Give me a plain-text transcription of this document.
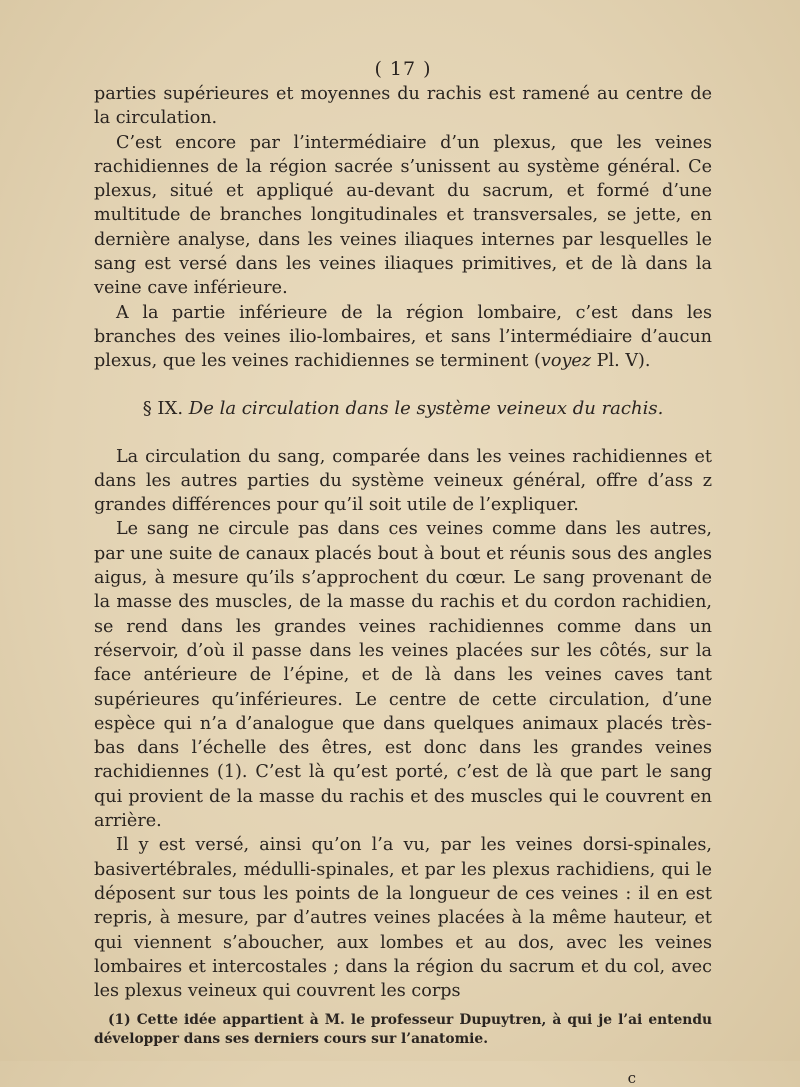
( 17 )

parties supérieures et moyennes du rachis est ramené au centre de la circulation.

C’est encore par l’intermédiaire d’un plexus, que les veines rachidiennes de la région sacrée s’unissent au système général. Ce plexus, situé et appliqué au-devant du sacrum, et formé d’une multitude de branches longitudinales et transversales, se jette, en dernière analyse, dans les veines iliaques internes par lesquelles le sang est versé dans les veines iliaques primitives, et de là dans la veine cave inférieure.

A la partie inférieure de la région lombaire, c’est dans les branches des veines ilio-lombaires, et sans l’intermédiaire d’aucun plexus, que les veines rachidiennes se terminent (voyez Pl. V).

§ IX. De la circulation dans le système veineux du rachis.

La circulation du sang, comparée dans les veines rachidiennes et dans les autres parties du système veineux général, offre d’ass z grandes différences pour qu’il soit utile de l’expliquer.

Le sang ne circule pas dans ces veines comme dans les autres, par une suite de canaux placés bout à bout et réunis sous des angles aigus, à mesure qu’ils s’approchent du cœur. Le sang provenant de la masse des muscles, de la masse du rachis et du cordon rachidien, se rend dans les grandes veines rachidiennes comme dans un réservoir, d’où il passe dans les veines placées sur les côtés, sur la face antérieure de l’épine, et de là dans les veines caves tant supérieures qu’inférieures. Le centre de cette circulation, d’une espèce qui n’a d’analogue que dans quelques animaux placés très-bas dans l’échelle des êtres, est donc dans les grandes veines rachidiennes (1). C’est là qu’est porté, c’est de là que part le sang qui provient de la masse du rachis et des muscles qui le couvrent en arrière.

Il y est versé, ainsi qu’on l’a vu, par les veines dorsi-spinales, basivertébrales, médulli-spinales, et par les plexus rachidiens, qui le déposent sur tous les points de la longueur de ces veines : il en est repris, à mesure, par d’autres veines placées à la même hauteur, et qui viennent s’aboucher, aux lombes et au dos, avec les veines lombaires et intercostales ; dans la région du sacrum et du col, avec les plexus veineux qui couvrent les corps

(1) Cette idée appartient à M. le professeur Dupuytren, à qui je l’ai entendu développer dans ses derniers cours sur l’anatomie.

c
